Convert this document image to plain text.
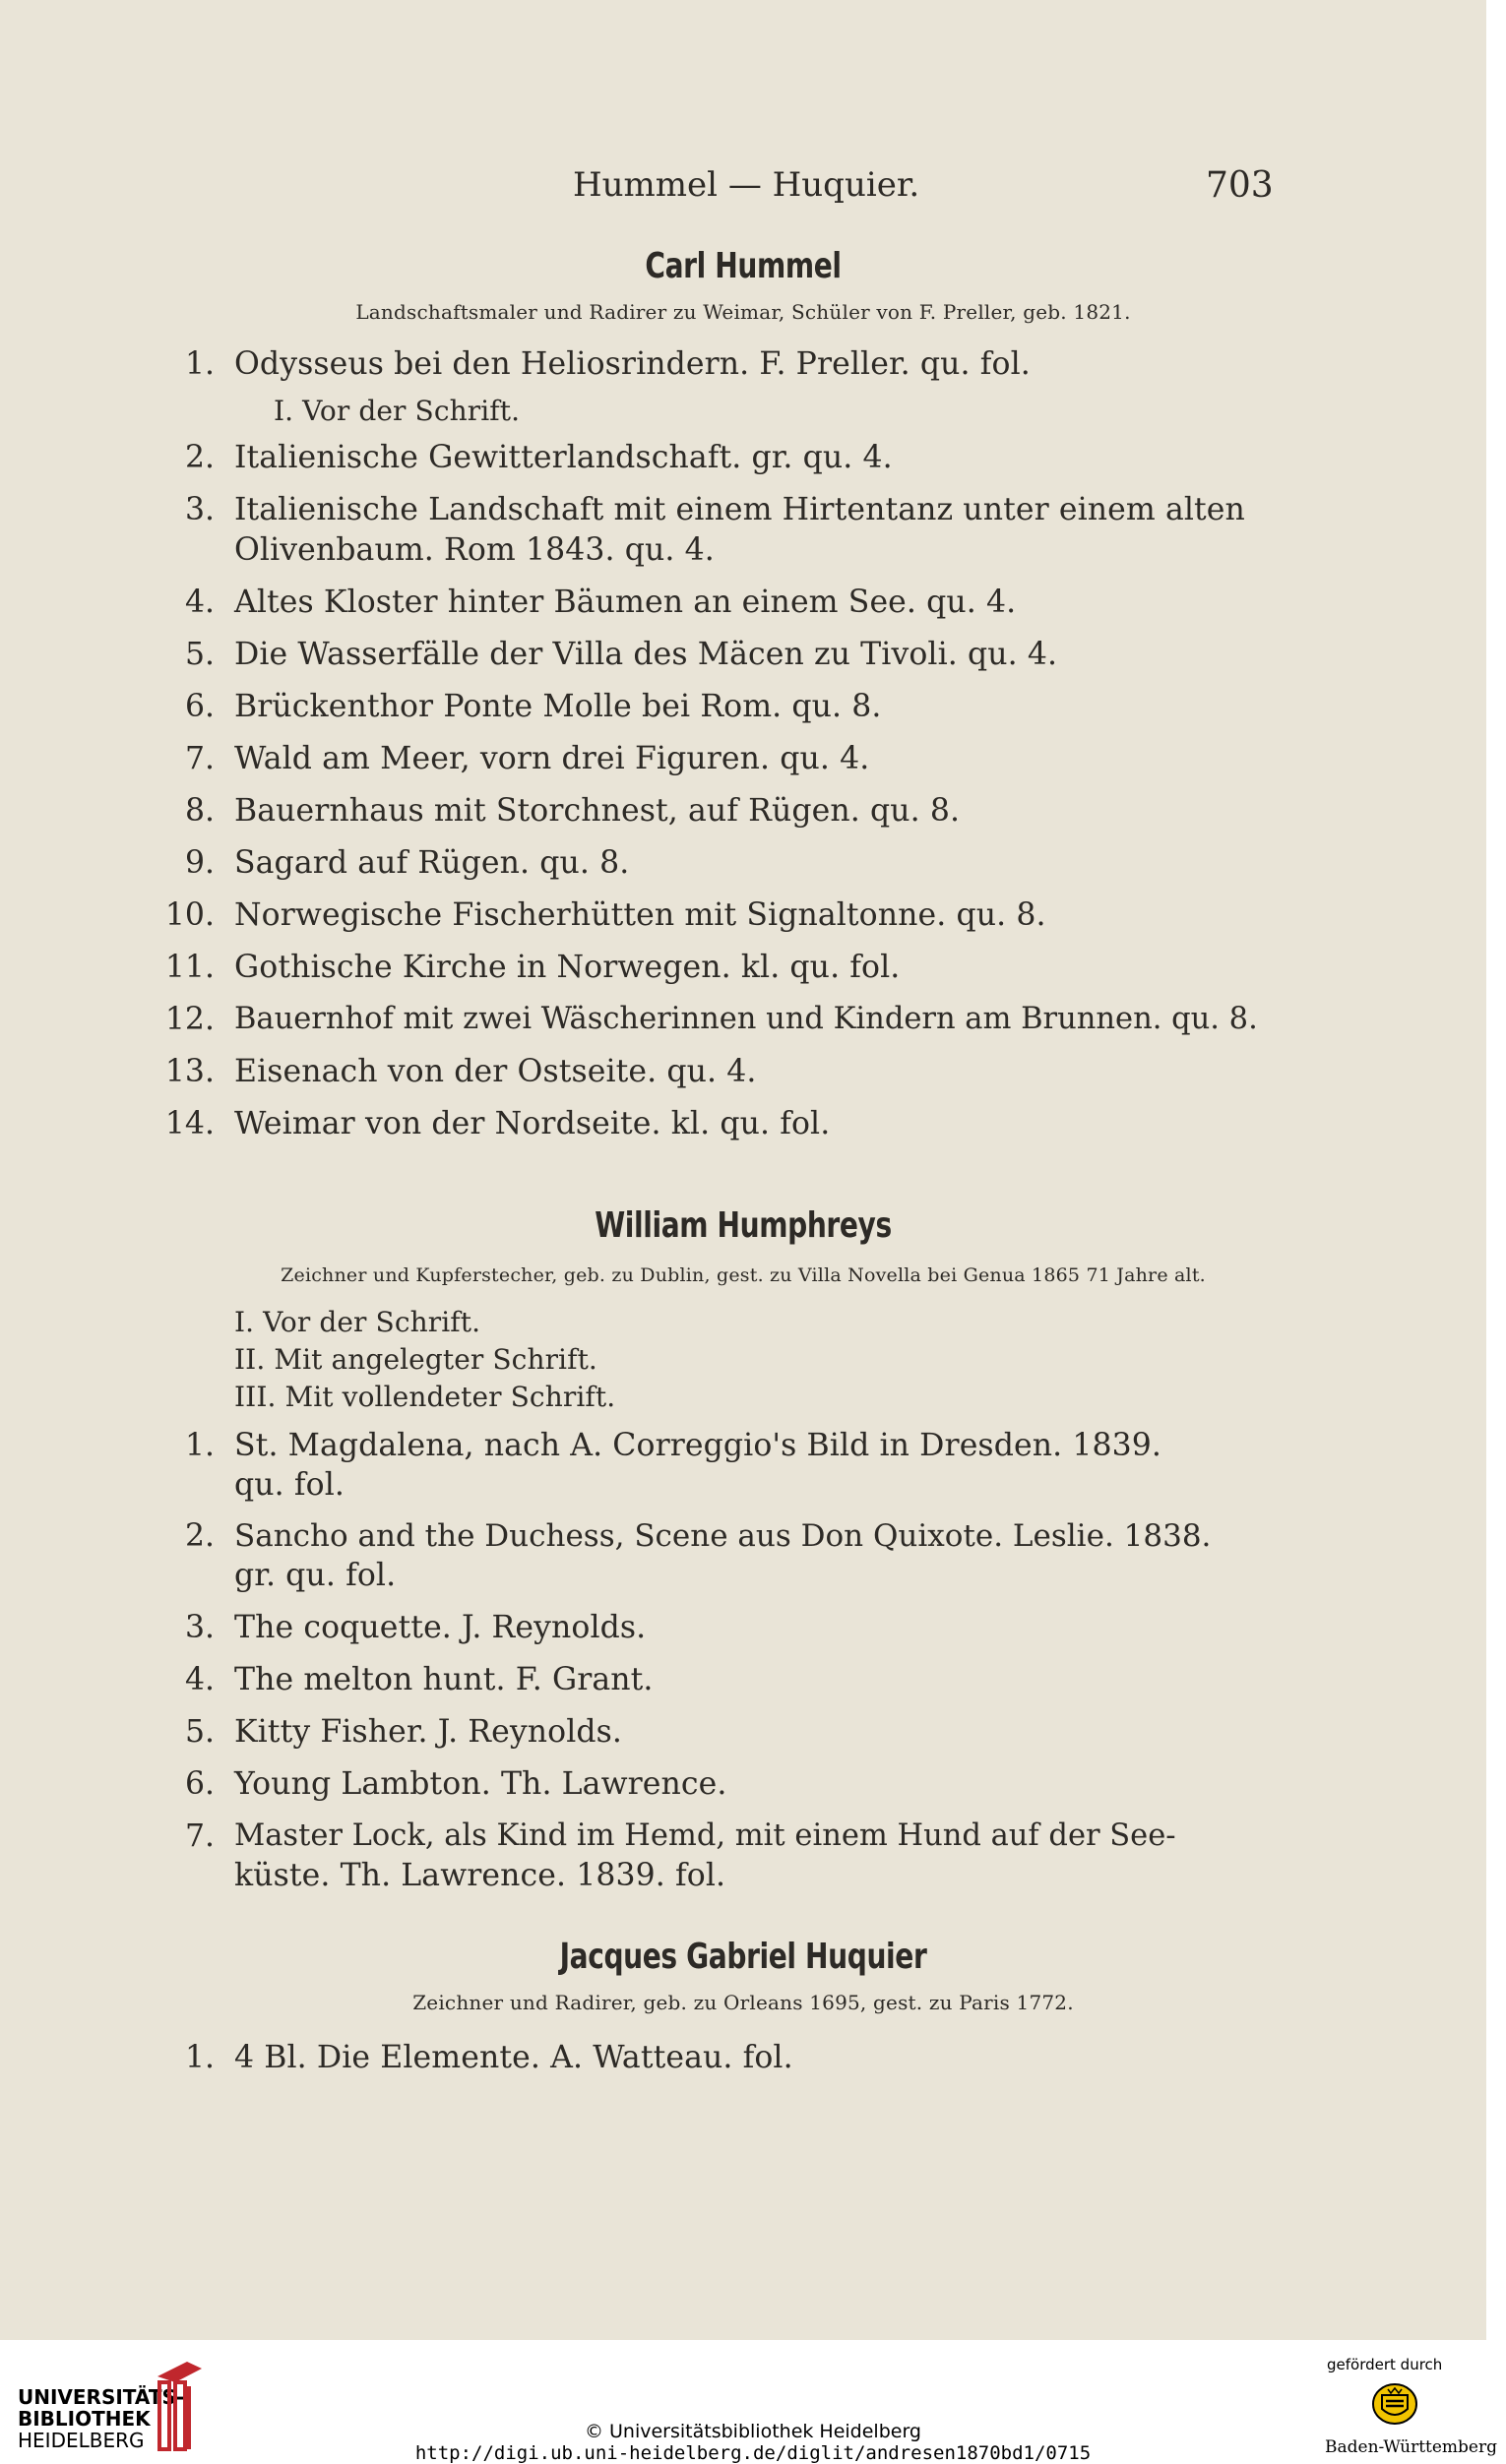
Hummel — Huquier.	703
Carl Hummel
Landschaftsmaler und Radirer zu Weimar, Schüler von F. Preller, geb. 1821.
1. Odysseus bei den Heliosrindern. F. Preller. qu. fol.
I. Vor der Schrift.
2. Italienische Gewitterlandschaft. gr. qu. 4.
3. Italienische Landschaft mit einem Hirtentanz unter einem alten
Olivenbaum. Rom 1843. qu. 4.
4. Altes Kloster hinter Bäumen an einem See. qu. 4.
5. Die Wasserfälle der Villa des Mäcen zu Tivoli. qu. 4.
6. Brückenthor Ponte Molle bei Rom. qu. 8.
7. Wald am Meer, vorn drei Figuren. qu. 4.
8. Bauernhaus mit Storchnest, auf Rügen. qu. 8.
9. Sagard auf Rügen. qu. 8.
10. Norwegische Fischerhütten mit Signaltonne. qu. 8.
11. Gothische Kirche in Norwegen. kl. qu. fol.
12. Bauernhof mit zwei Wäscherinnen und Kindern am Brunnen. qu. 8.
13. Eisenach von der Ostseite. qu. 4.
14. Weimar von der Nordseite. kl. qu. fol.
William Humphreys
Zeichner und Kupferstecher, geb. zu Dublin, gest. zu Villa Novella bei Genua 1865 71 Jahre alt.
I. Vor der Schrift.
II. Mit angelegter Schrift.
III. Mit vollendeter Schrift.
1. St. Magdalena, nach A. Correggio's Bild in Dresden. 1839.
qu. fol.
2. Sancho and the Duchess, Scene aus Don Quixote. Leslie. 1838.
gr. qu. fol.
3. The coquette. J. Reynolds.
4. The melton hunt. F. Grant.
5. Kitty Fisher. J. Reynolds.
6. Young Lambton. Th. Lawrence.
7. Master Lock, als Kind im Hemd, mit einem Hund auf der See-
küste. Th. Lawrence. 1839. fol.
Jacques Gabriel Huquier
Zeichner und Radirer, geb. zu Orleans 1695, gest. zu Paris 1772.
1. 4 Bl. Die Elemente. A. Watteau. fol.
UNIVERSITÄTS-
BIBLIOTHEK
HEIDELBERG	© Universitätsbibliothek Heidelberg
http://digi.ub.uni-heidelberg.de/diglit/andresen1870bd1/0715
gefördert durch
Baden-Württemberg
